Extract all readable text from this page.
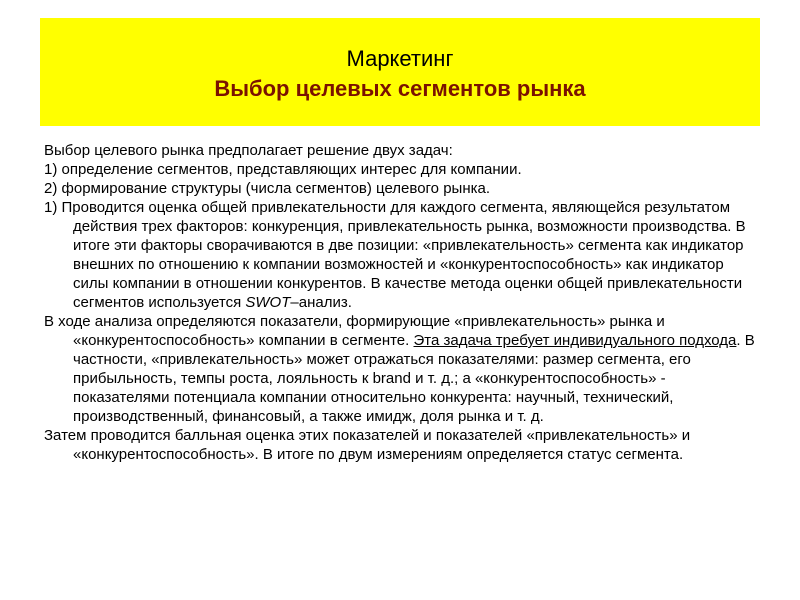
Маркетинг
Выбор целевых сегментов рынка

Выбор целевого рынка предполагает решение двух задач:

1) определение сегментов, представляющих интерес для компании.

2) формирование структуры (числа сегментов) целевого рынка.

1) Проводится оценка общей привлекательности для каждого сегмента, являющейся результатом действия трех факторов: конкуренция, привлекательность рынка, возможности производства. В итоге эти факторы сворачиваются в две позиции: «привлекательность» сегмента как индикатор внешних по отношению к компании возможностей и «конкурентоспособность» как индикатор силы компании в отношении конкурентов. В качестве метода оценки общей привлекательности сегментов используется SWOT–анализ.

В ходе анализа определяются показатели, формирующие «привлекательность» рынка и «конкурентоспособность» компании в сегменте. Эта задача требует индивидуального подхода. В частности, «привлекательность» может отражаться показателями: размер сегмента, его прибыльность, темпы роста, лояльность к brand и т. д.; а «конкурентоспособность» - показателями потенциала компании относительно конкурента: научный, технический, производственный, финансовый, а также имидж, доля рынка и т. д.

Затем проводится балльная оценка этих показателей и показателей «привлекательность» и «конкурентоспособность». В итоге по двум измерениям определяется статус сегмента.
